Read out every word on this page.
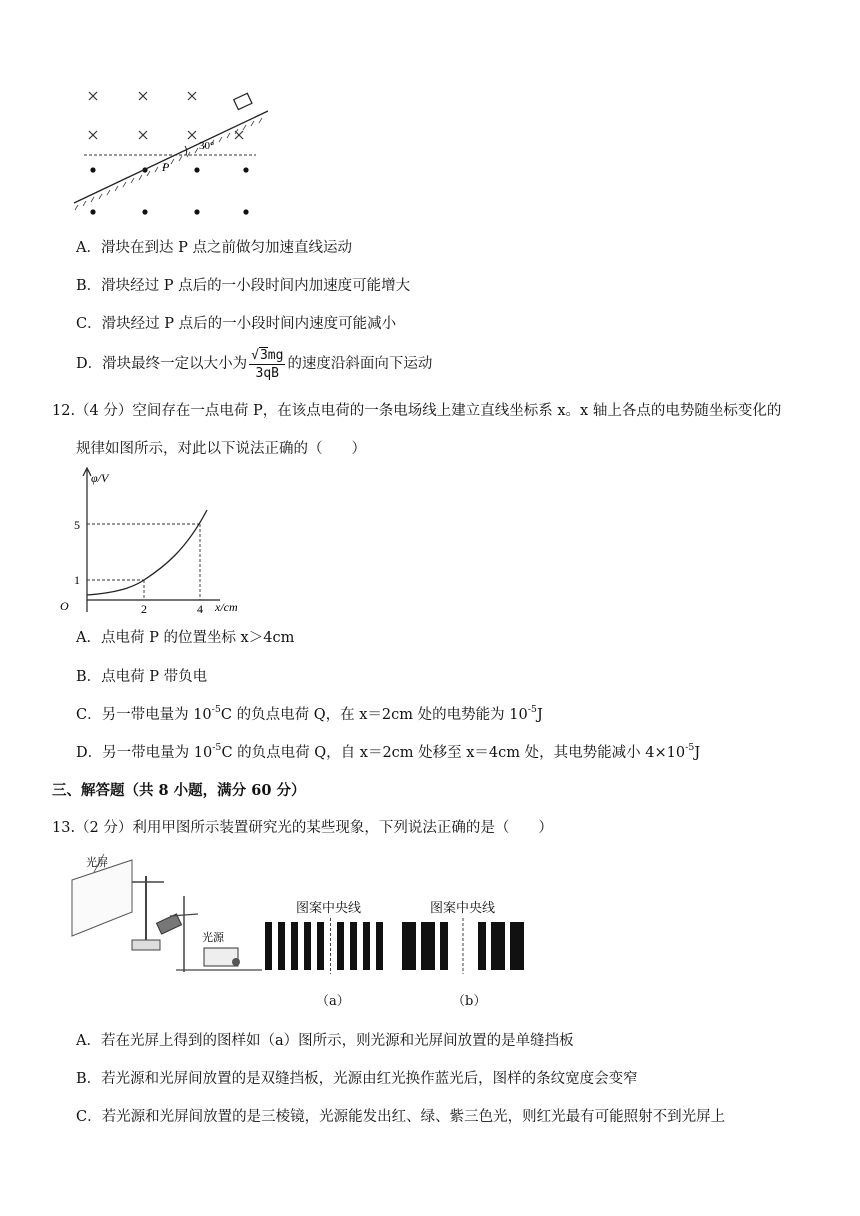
30°
P
A．滑块在到达 P 点之前做匀加速直线运动
B．滑块经过 P 点后的一小段时间内加速度可能增大
C．滑块经过 P 点后的一小段时间内速度可能减小
D．滑块最终一定以大小为 $\frac{√3mg}{3qB}$ 的速度沿斜面向下运动
12.（4 分）空间存在一点电荷 P，在该点电荷的一条电场线上建立直线坐标系 x。x 轴上各点的电势随坐标变化的
规律如图所示，对此以下说法正确的（　　）
φ/V
x/cm
O
5
1
2	4
A．点电荷 P 的位置坐标 x＞4cm
B．点电荷 P 带负电
C．另一带电量为 $10^{-5}C$ 的负点电荷 Q，在 x＝2cm 处的电势能为 $10^{-5}J$
D．另一带电量为 $10^{-5}C$ 的负点电荷 Q，自 x＝2cm 处移至 x＝4cm 处，其电势能减小 $4\times 10^{-5}J$
三、解答题（共 8 小题，满分 60 分）
13.（2 分）利用甲图所示装置研究光的某些现象，下列说法正确的是（　　）
光屏
光源
图案中央线
（a）
图案中央线
（b）
A．若在光屏上得到的图样如（a）图所示，则光源和光屏间放置的是单缝挡板
B．若光源和光屏间放置的是双缝挡板，光源由红光换作蓝光后，图样的条纹宽度会变窄
C．若光源和光屏间放置的是三棱镜，光源能发出红、绿、紫三色光，则红光最有可能照射不到光屏上
